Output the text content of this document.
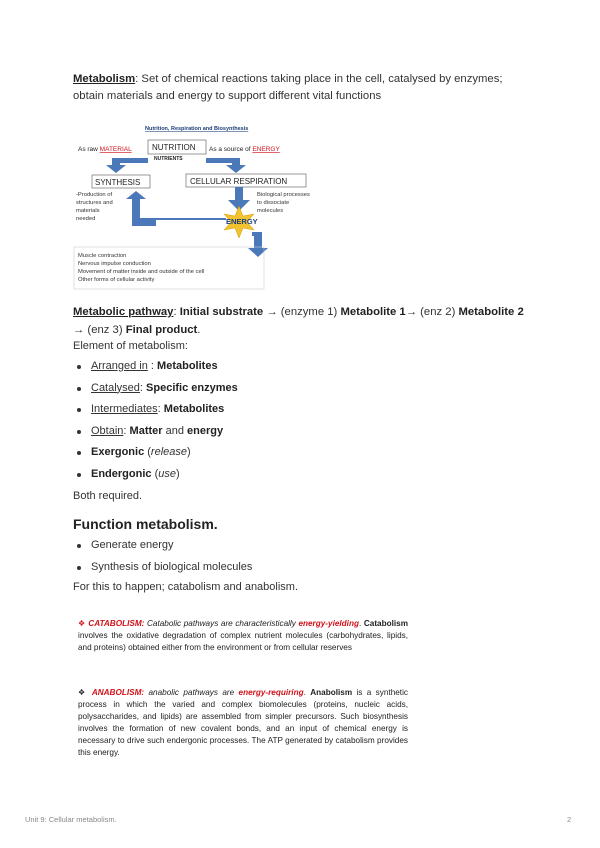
Metabolism: Set of chemical reactions taking place in the cell, catalysed by enzymes; obtain materials and energy to support different vital functions
Nutrition, Respiration and Biosynthesis
As raw MATERIAL	NUTRITION
NUTRIENTS
As a source of ENERGY
SYNTHESIS	CELLULAR RESPIRATION
-Production of
structures and
materials
needed
Biological processes
to dissociate
molecules
ENERGY
Muscle contraction
Nervous impulse conduction
Movement of matter inside and outside of the cell
Other forms of cellular activity
Metabolic pathway: Initial substrate → (enzyme 1) Metabolite 1→ (enz 2) Metabolite 2 → (enz 3) Final product.
Element of metabolism:
Arranged in : Metabolites
Catalysed: Specific enzymes
Intermediates: Metabolites
Obtain: Matter and energy
Exergonic (release)
Endergonic (use)
Both required.
Function metabolism.
Generate energy
Synthesis of biological molecules
For this to happen; catabolism and anabolism.
❖ CATABOLISM: Catabolic pathways are characteristically energy-yielding. Catabolism involves the oxidative degradation of complex nutrient molecules (carbohydrates, lipids, and proteins) obtained either from the environment or from cellular reserves
❖ ANABOLISM: anabolic pathways are energy-requiring. Anabolism is a synthetic process in which the varied and complex biomolecules (proteins, nucleic acids, polysaccharides, and lipids) are assembled from simpler precursors. Such biosynthesis involves the formation of new covalent bonds, and an input of chemical energy is necessary to drive such endergonic processes. The ATP generated by catabolism provides this energy.
Unit 9: Cellular metabolism.	2
